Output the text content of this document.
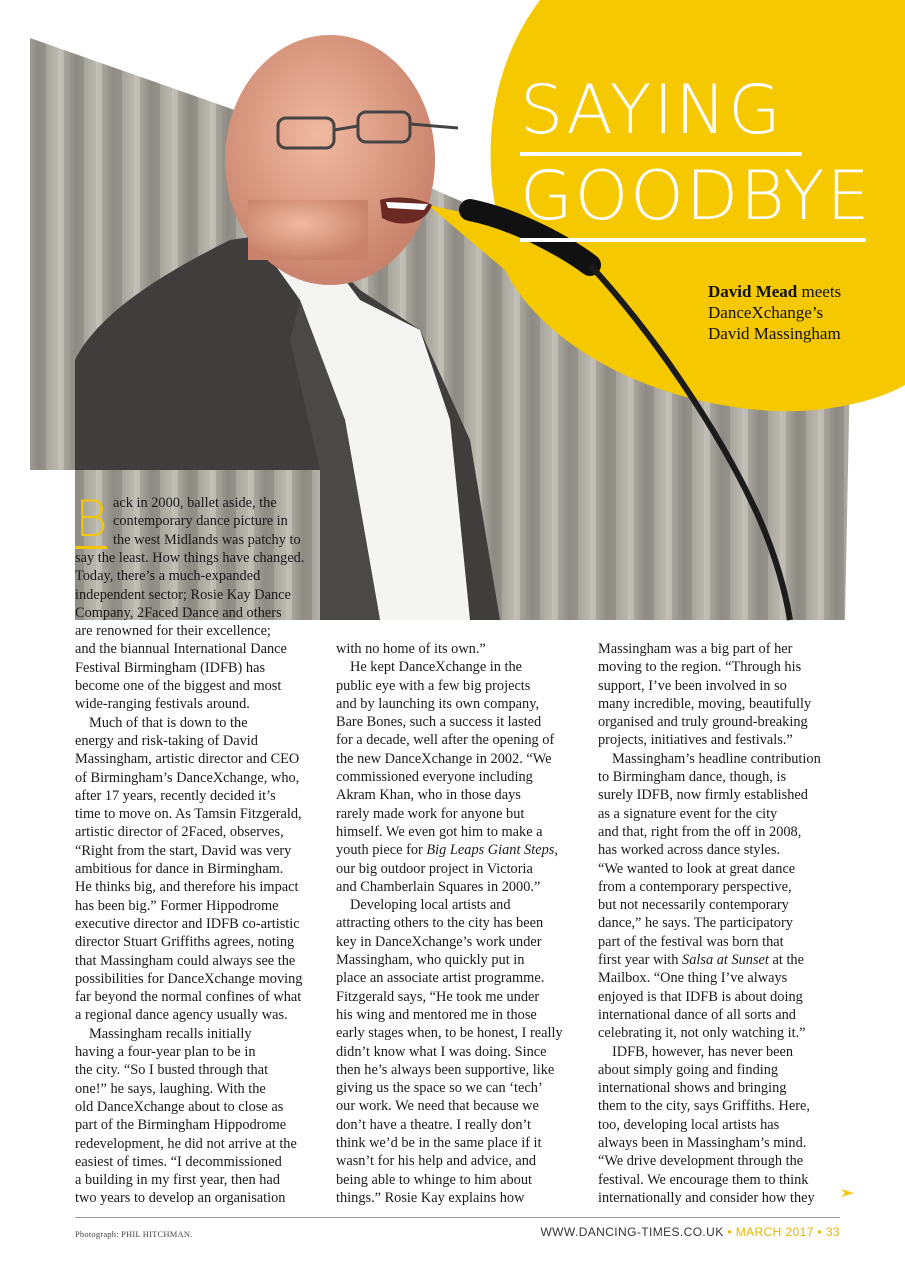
SAYING
GOODBYE
David Mead meets
DanceXchange’s
David Massingham
B ack in 2000, ballet aside, the
contemporary dance picture in
the west Midlands was patchy to
say the least. How things have changed.
Today, there’s a much-expanded
independent sector; Rosie Kay Dance
Company, 2Faced Dance and others
are renowned for their excellence;
and the biannual International Dance
Festival Birmingham (IDFB) has
become one of the biggest and most
wide-ranging festivals around.
Much of that is down to the
energy and risk-taking of David
Massingham, artistic director and CEO
of Birmingham’s DanceXchange, who,
after 17 years, recently decided it’s
time to move on. As Tamsin Fitzgerald,
artistic director of 2Faced, observes,
“Right from the start, David was very
ambitious for dance in Birmingham.
He thinks big, and therefore his impact
has been big.” Former Hippodrome
executive director and IDFB co-artistic
director Stuart Griffiths agrees, noting
that Massingham could always see the
possibilities for DanceXchange moving
far beyond the normal confines of what
a regional dance agency usually was.
Massingham recalls initially
having a four-year plan to be in
the city. “So I busted through that
one!” he says, laughing. With the
old DanceXchange about to close as
part of the Birmingham Hippodrome
redevelopment, he did not arrive at the
easiest of times. “I decommissioned
a building in my first year, then had
two years to develop an organisation
with no home of its own.”
He kept DanceXchange in the
public eye with a few big projects
and by launching its own company,
Bare Bones, such a success it lasted
for a decade, well after the opening of
the new DanceXchange in 2002. “We
commissioned everyone including
Akram Khan, who in those days
rarely made work for anyone but
himself. We even got him to make a
youth piece for Big Leaps Giant Steps,
our big outdoor project in Victoria
and Chamberlain Squares in 2000.”
Developing local artists and
attracting others to the city has been
key in DanceXchange’s work under
Massingham, who quickly put in
place an associate artist programme.
Fitzgerald says, “He took me under
his wing and mentored me in those
early stages when, to be honest, I really
didn’t know what I was doing. Since
then he’s always been supportive, like
giving us the space so we can ‘tech’
our work. We need that because we
don’t have a theatre. I really don’t
think we’d be in the same place if it
wasn’t for his help and advice, and
being able to whinge to him about
things.” Rosie Kay explains how
Massingham was a big part of her
moving to the region. “Through his
support, I’ve been involved in so
many incredible, moving, beautifully
organised and truly ground-breaking
projects, initiatives and festivals.”
Massingham’s headline contribution
to Birmingham dance, though, is
surely IDFB, now firmly established
as a signature event for the city
and that, right from the off in 2008,
has worked across dance styles.
“We wanted to look at great dance
from a contemporary perspective,
but not necessarily contemporary
dance,” he says. The participatory
part of the festival was born that
first year with Salsa at Sunset at the
Mailbox. “One thing I’ve always
enjoyed is that IDFB is about doing
international dance of all sorts and
celebrating it, not only watching it.”
IDFB, however, has never been
about simply going and finding
international shows and bringing
them to the city, says Griffiths. Here,
too, developing local artists has
always been in Massingham’s mind.
“We drive development through the
festival. We encourage them to think
internationally and consider how they
Photograph: PHIL HITCHMAN.	WWW.DANCING-TIMES.CO.UK • MARCH 2017 • 33
